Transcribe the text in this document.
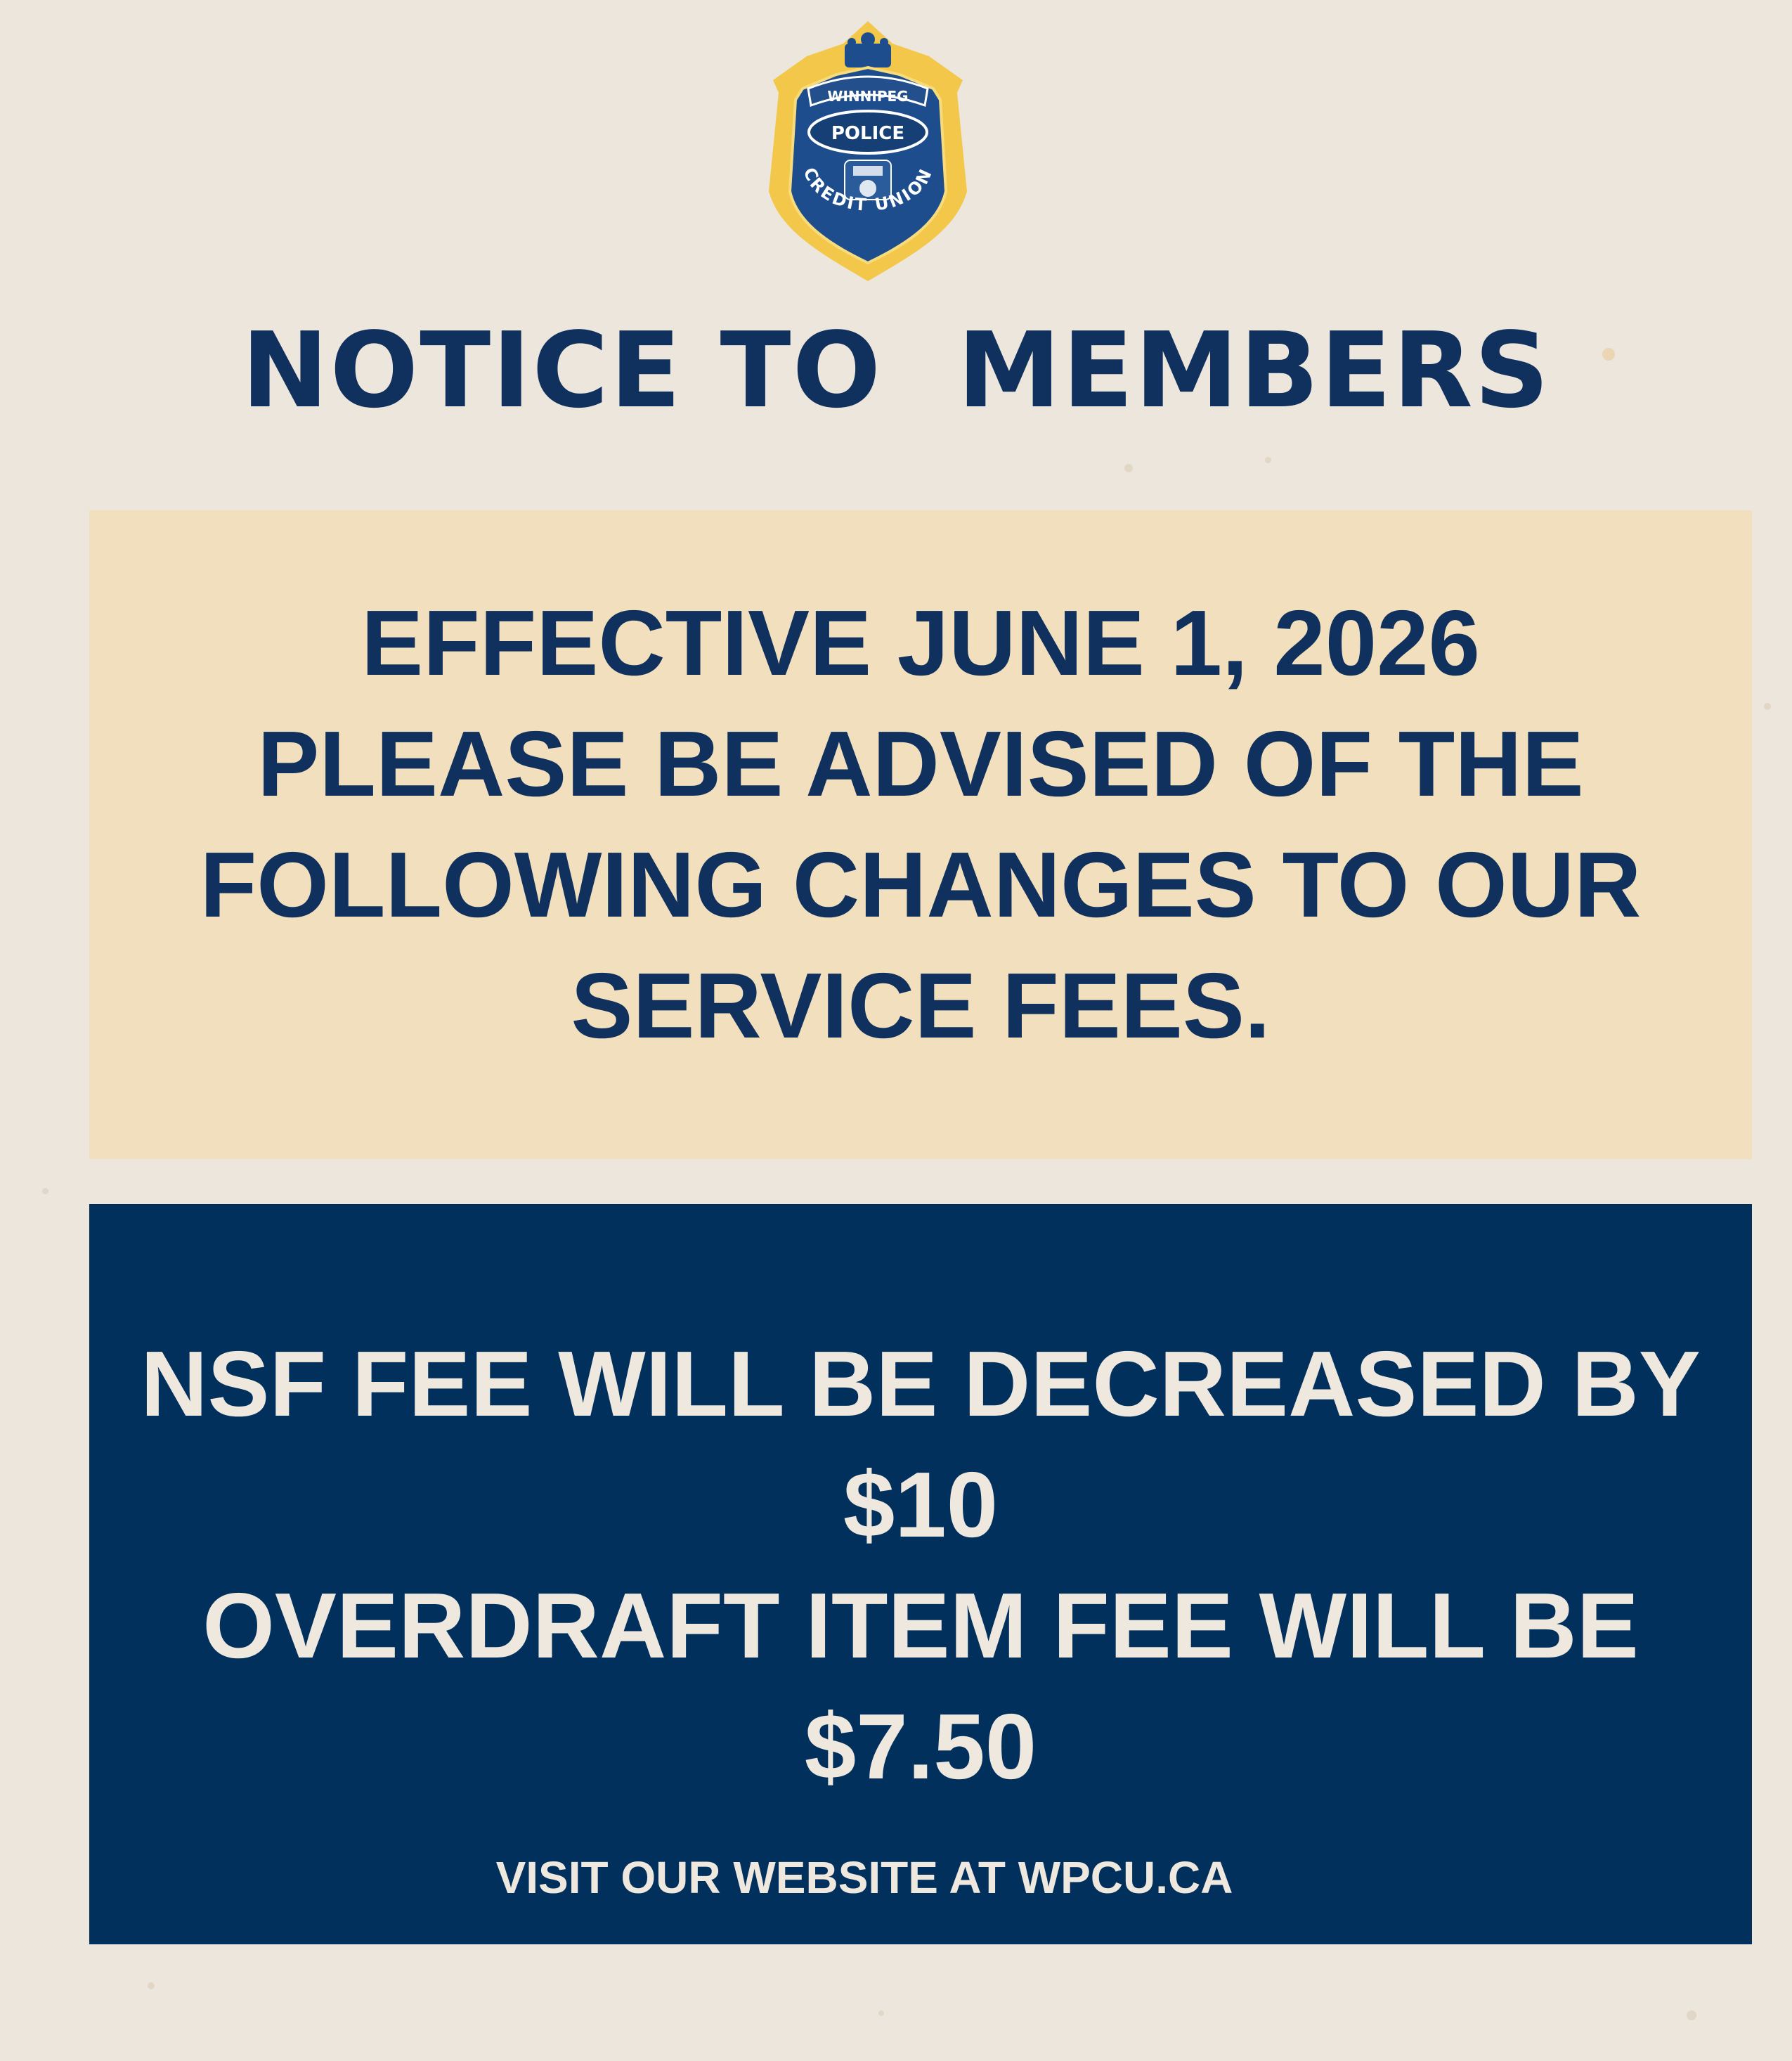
WINNIPEG
POLICE
CREDIT UNION
NOTICE TO  MEMBERS
EFFECTIVE JUNE 1, 2026
PLEASE BE ADVISED OF THE
FOLLOWING CHANGES TO OUR
SERVICE FEES.
NSF FEE WILL BE DECREASED BY
$10
OVERDRAFT ITEM FEE WILL BE
$7.50
VISIT OUR WEBSITE AT WPCU.CA
